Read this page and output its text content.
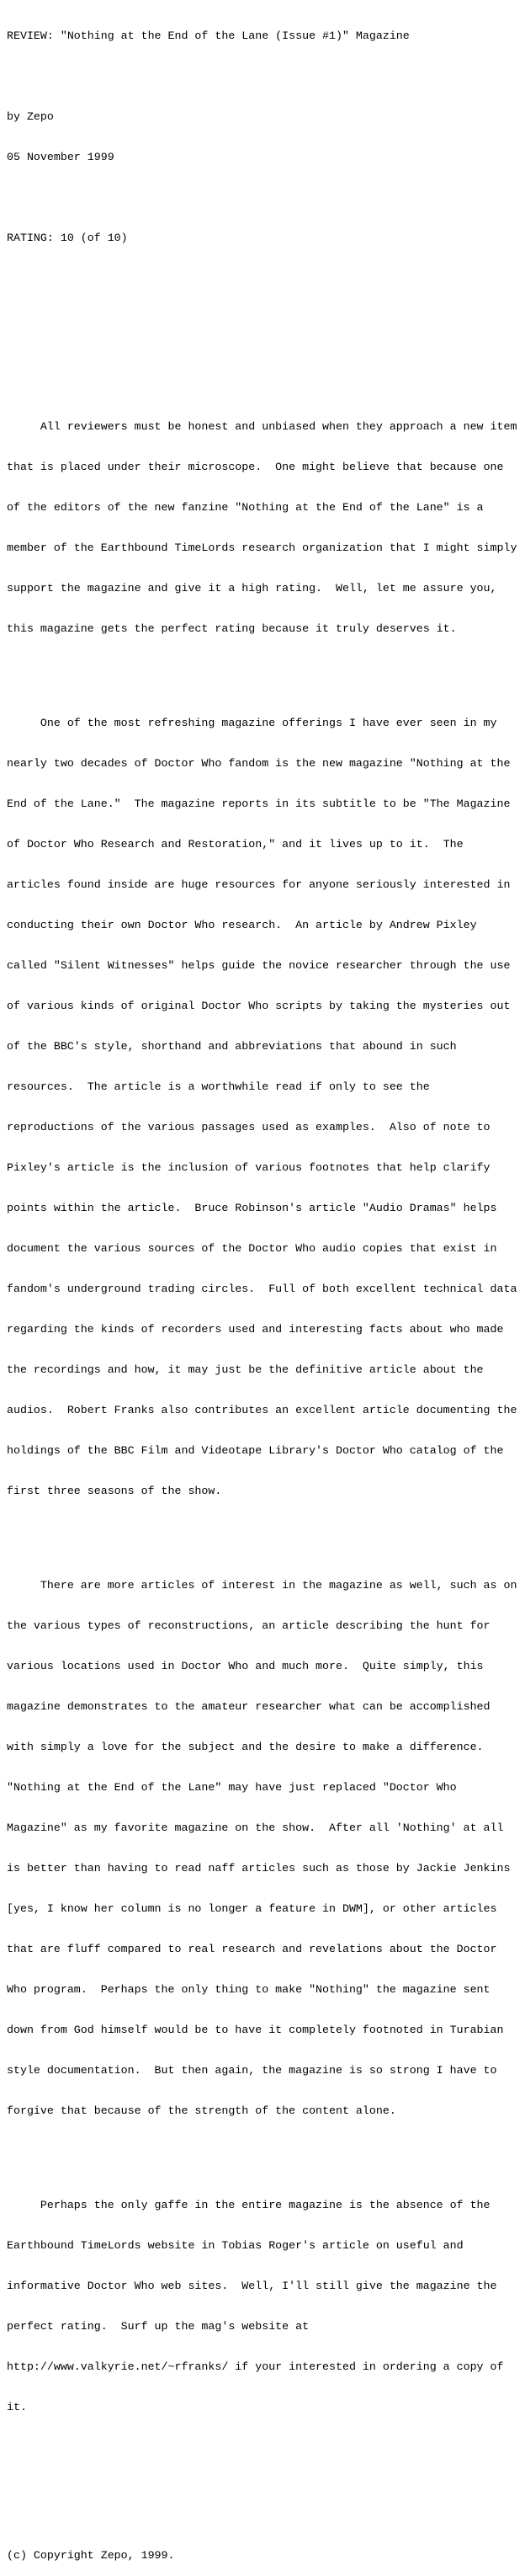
REVIEW: "Nothing at the End of the Lane (Issue #1)" Magazine

by Zepo

05 November 1999

RATING: 10 (of 10)

All reviewers must be honest and unbiased when they approach a new item

that is placed under their microscope.  One might believe that because one

of the editors of the new fanzine "Nothing at the End of the Lane" is a

member of the Earthbound TimeLords research organization that I might simply

support the magazine and give it a high rating.  Well, let me assure you,

this magazine gets the perfect rating because it truly deserves it.

One of the most refreshing magazine offerings I have ever seen in my

nearly two decades of Doctor Who fandom is the new magazine "Nothing at the

End of the Lane."  The magazine reports in its subtitle to be "The Magazine

of Doctor Who Research and Restoration," and it lives up to it.  The

articles found inside are huge resources for anyone seriously interested in

conducting their own Doctor Who research.  An article by Andrew Pixley

called "Silent Witnesses" helps guide the novice researcher through the use

of various kinds of original Doctor Who scripts by taking the mysteries out

of the BBC's style, shorthand and abbreviations that abound in such

resources.  The article is a worthwhile read if only to see the

reproductions of the various passages used as examples.  Also of note to

Pixley's article is the inclusion of various footnotes that help clarify

points within the article.  Bruce Robinson's article "Audio Dramas" helps

document the various sources of the Doctor Who audio copies that exist in

fandom's underground trading circles.  Full of both excellent technical data

regarding the kinds of recorders used and interesting facts about who made

the recordings and how, it may just be the definitive article about the

audios.  Robert Franks also contributes an excellent article documenting the

holdings of the BBC Film and Videotape Library's Doctor Who catalog of the

first three seasons of the show.

There are more articles of interest in the magazine as well, such as on

the various types of reconstructions, an article describing the hunt for

various locations used in Doctor Who and much more.  Quite simply, this

magazine demonstrates to the amateur researcher what can be accomplished

with simply a love for the subject and the desire to make a difference.

"Nothing at the End of the Lane" may have just replaced "Doctor Who

Magazine" as my favorite magazine on the show.  After all 'Nothing' at all

is better than having to read naff articles such as those by Jackie Jenkins

[yes, I know her column is no longer a feature in DWM], or other articles

that are fluff compared to real research and revelations about the Doctor

Who program.  Perhaps the only thing to make "Nothing" the magazine sent

down from God himself would be to have it completely footnoted in Turabian

style documentation.  But then again, the magazine is so strong I have to

forgive that because of the strength of the content alone.

Perhaps the only gaffe in the entire magazine is the absence of the

Earthbound TimeLords website in Tobias Roger's article on useful and

informative Doctor Who web sites.  Well, I'll still give the magazine the

perfect rating.  Surf up the mag's website at

http://www.valkyrie.net/~rfranks/ if your interested in ordering a copy of

it.

(c) Copyright Zepo, 1999.
